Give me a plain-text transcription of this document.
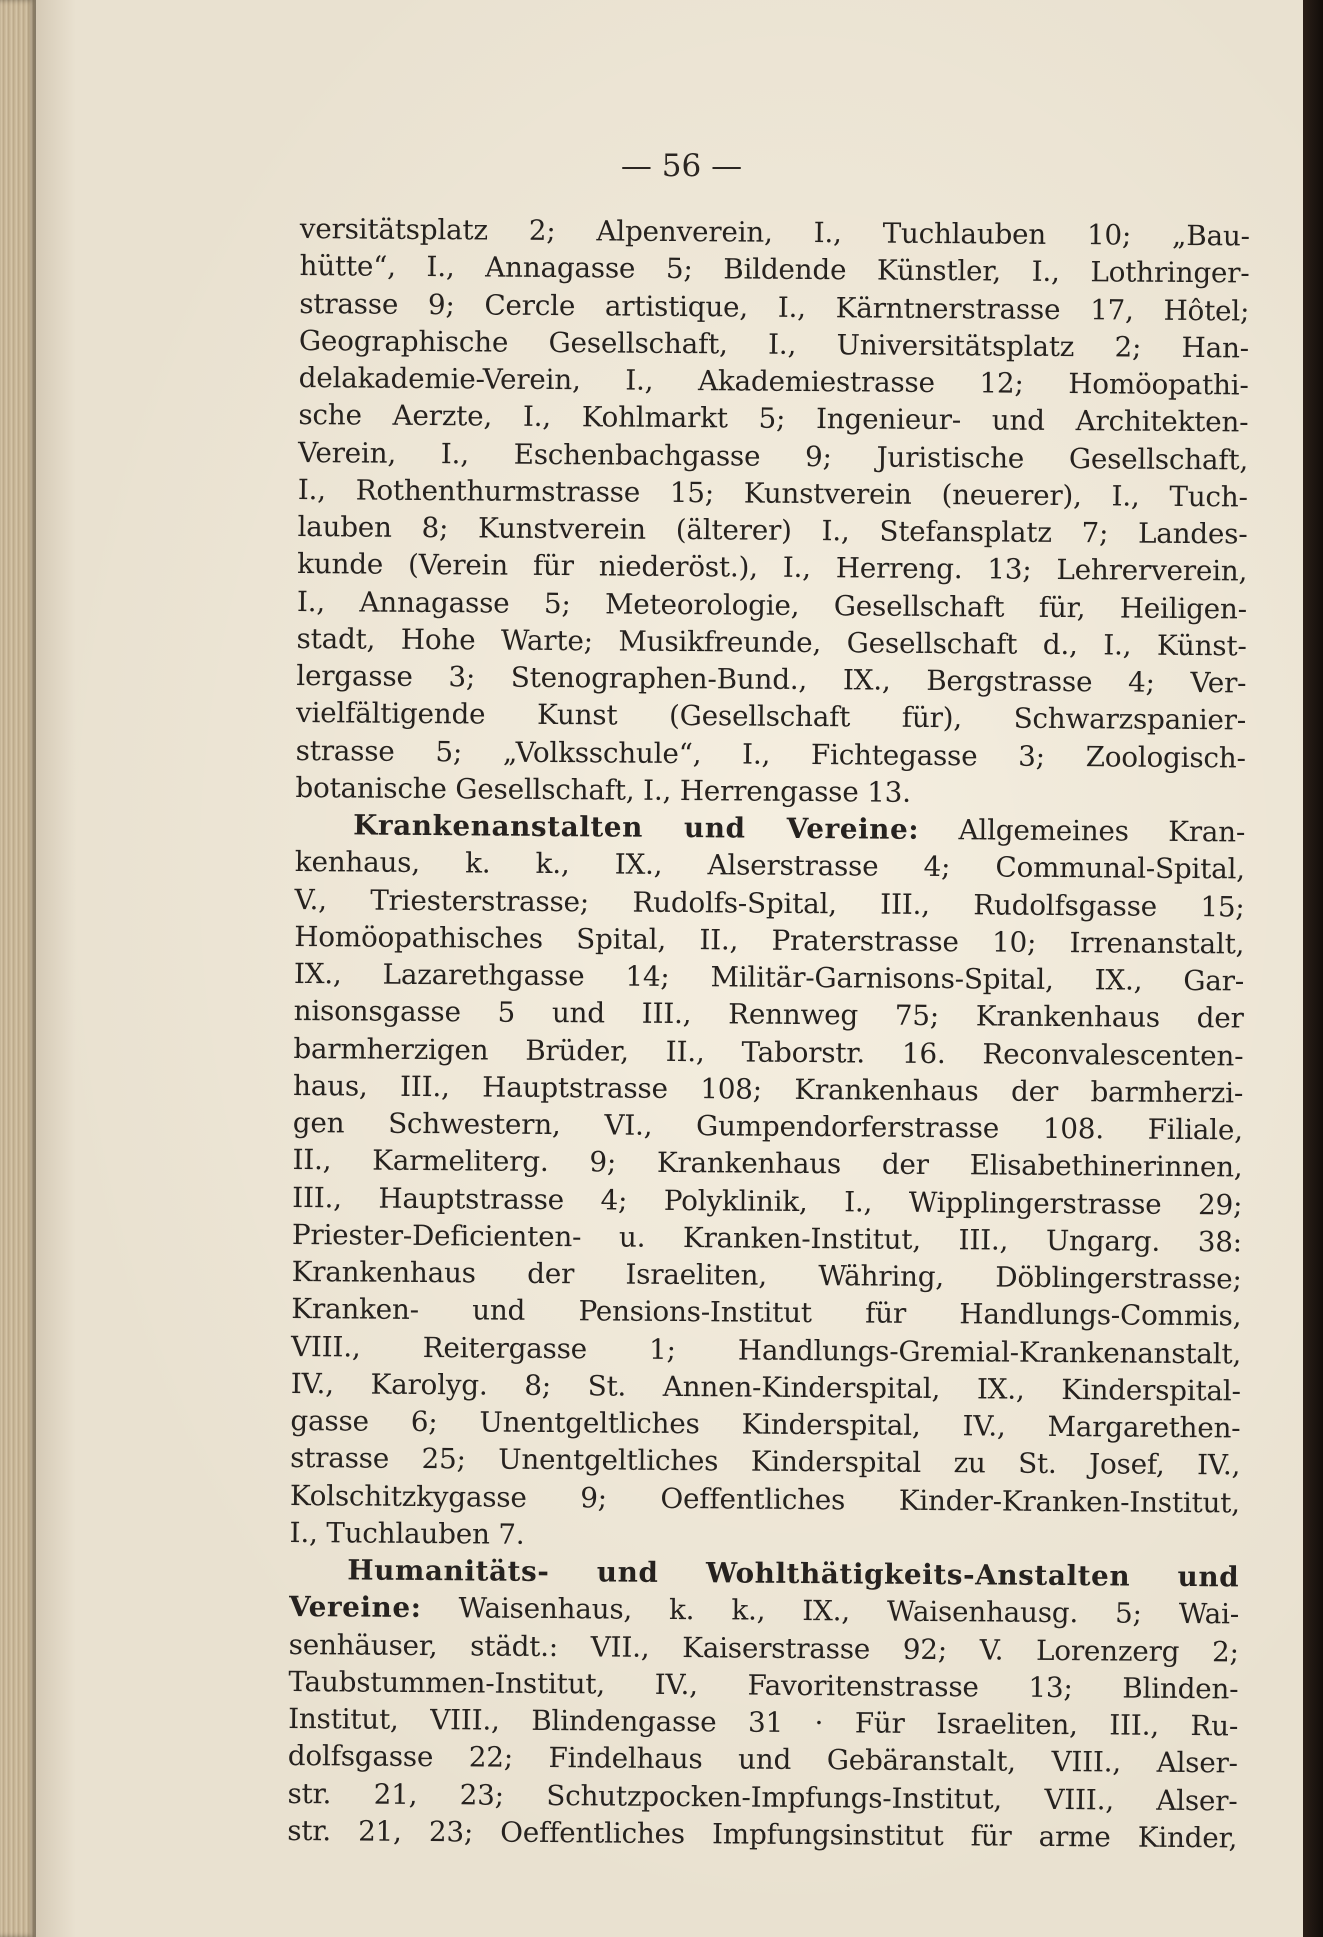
— 56 —
versitätsplatz 2; Alpenverein, I., Tuchlauben 10; „Bau-
hütte“, I., Annagasse 5; Bildende Künstler, I., Lothringer-
strasse 9; Cercle artistique, I., Kärntnerstrasse 17, Hôtel;
Geographische Gesellschaft, I., Universitätsplatz 2; Han-
delakademie-Verein, I., Akademiestrasse 12; Homöopathi-
sche Aerzte, I., Kohlmarkt 5; Ingenieur- und Architekten-
Verein, I., Eschenbachgasse 9; Juristische Gesellschaft,
I., Rothenthurmstrasse 15; Kunstverein (neuerer), I., Tuch-
lauben 8; Kunstverein (älterer) I., Stefansplatz 7; Landes-
kunde (Verein für niederöst.), I., Herreng. 13; Lehrerverein,
I., Annagasse 5; Meteorologie, Gesellschaft für, Heiligen-
stadt, Hohe Warte; Musikfreunde, Gesellschaft d., I., Künst-
lergasse 3; Stenographen-Bund., IX., Bergstrasse 4; Ver-
vielfältigende Kunst (Gesellschaft für), Schwarzspanier-
strasse 5; „Volksschule“, I., Fichtegasse 3; Zoologisch-
botanische Gesellschaft, I., Herrengasse 13.
Krankenanstalten und Vereine: Allgemeines Kran-
kenhaus, k. k., IX., Alserstrasse 4; Communal-Spital,
V., Triesterstrasse; Rudolfs-Spital, III., Rudolfsgasse 15;
Homöopathisches Spital, II., Praterstrasse 10; Irrenanstalt,
IX., Lazarethgasse 14; Militär-Garnisons-Spital, IX., Gar-
nisonsgasse 5 und III., Rennweg 75; Krankenhaus der
barmherzigen Brüder, II., Taborstr. 16. Reconvalescenten-
haus, III., Hauptstrasse 108; Krankenhaus der barmherzi-
gen Schwestern, VI., Gumpendorferstrasse 108. Filiale,
II., Karmeliterg. 9; Krankenhaus der Elisabethinerinnen,
III., Hauptstrasse 4; Polyklinik, I., Wipplingerstrasse 29;
Priester-Deficienten- u. Kranken-Institut, III., Ungarg. 38:
Krankenhaus der Israeliten, Währing, Döblingerstrasse;
Kranken- und Pensions-Institut für Handlungs-Commis,
VIII., Reitergasse 1; Handlungs-Gremial-Krankenanstalt,
IV., Karolyg. 8; St. Annen-Kinderspital, IX., Kinderspital-
gasse 6; Unentgeltliches Kinderspital, IV., Margarethen-
strasse 25; Unentgeltliches Kinderspital zu St. Josef, IV.,
Kolschitzkygasse 9; Oeffentliches Kinder-Kranken-Institut,
I., Tuchlauben 7.
Humanitäts- und Wohlthätigkeits-Anstalten und
Vereine: Waisenhaus, k. k., IX., Waisenhausg. 5; Wai-
senhäuser, städt.: VII., Kaiserstrasse 92; V. Lorenzerg 2;
Taubstummen-Institut, IV., Favoritenstrasse 13; Blinden-
Institut, VIII., Blindengasse 31 · Für Israeliten, III., Ru-
dolfsgasse 22; Findelhaus und Gebäranstalt, VIII., Alser-
str. 21, 23; Schutzpocken-Impfungs-Institut, VIII., Alser-
str. 21, 23; Oeffentliches Impfungsinstitut für arme Kinder,
